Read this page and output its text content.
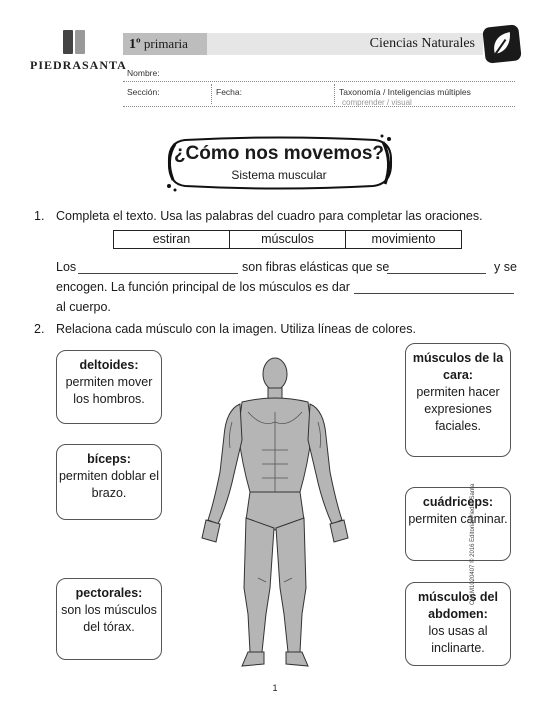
PIEDRASANTA
1º primaria	Ciencias Naturales
Nombre:
Sección:	Fecha:	Taxonomía / Inteligencias múltiples
comprender / visual
¿Cómo nos movemos?
Sistema muscular
1. Completa el texto. Usa las palabras del cuadro para completar las oraciones.
estiran	músculos	movimiento
Los	son fibras elásticas que se	y se
encogen. La función principal de los músculos es dar
al cuerpo.
2. Relaciona cada músculo con la imagen. Utiliza líneas de colores.
deltoides:
permiten mover los hombros.
bíceps:
permiten doblar el brazo.
pectorales:
son los músculos del tórax.
músculos de la cara:
permiten hacer expresiones faciales.
cuádriceps:
permiten caminar.
músculos del abdomen:
los usas al inclinarte.
1
CN1M1020407 © 2016 Editorial Piedra Santa
